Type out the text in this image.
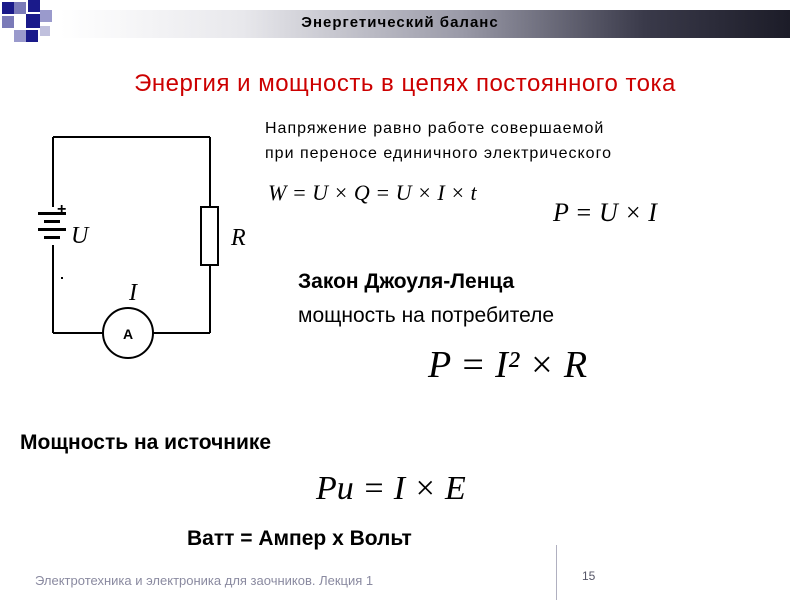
Энергетический баланс
Энергия и мощность в цепях постоянного тока
+
U	R
I
A
Напряжение равно работе совершаемой
при переносе единичного электрического
W = U × Q = U × I × t
P = U × I
Закон Джоуля-Ленца
мощность на потребителе
P = I² × R
Мощность на источнике
Pи = I × E
Ватт = Ампер х Вольт
Электротехника и электроника для заочников. Лекция 1	15
